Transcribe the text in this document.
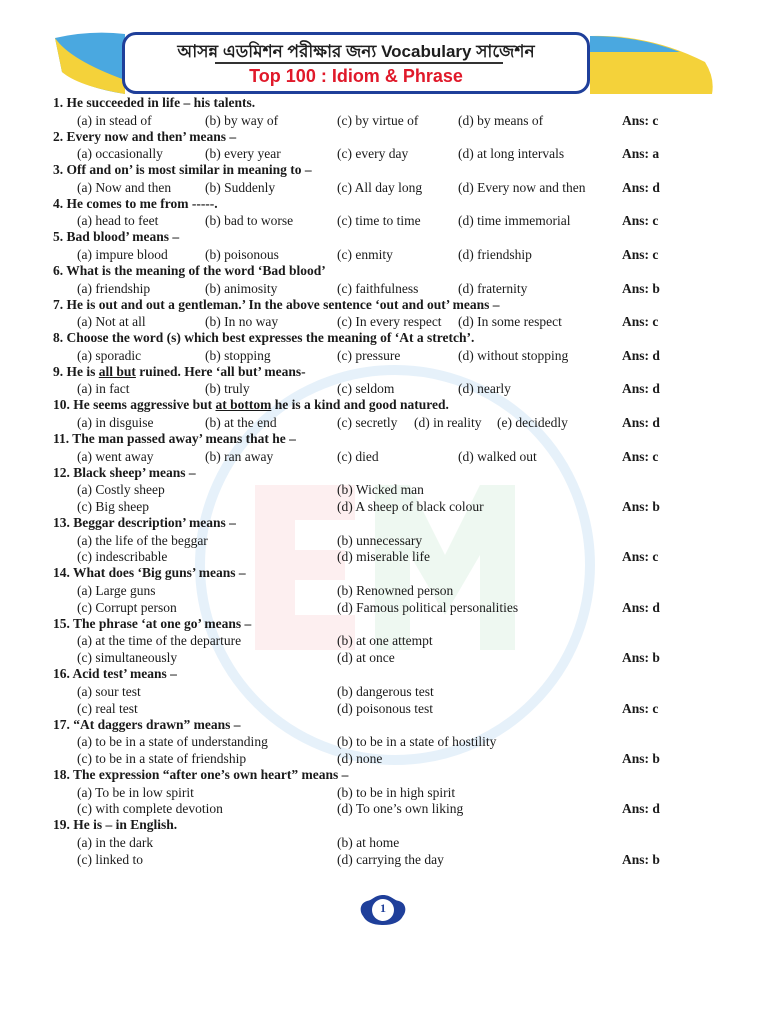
আসন্ন এডমিশন পরীক্ষার জন্য Vocabulary সাজেশন
Top 100 : Idiom & Phrase
1. He succeeded in life – his talents.
(a) in stead of	(b) by way of	(c) by virtue of	(d) by means of	Ans: c
2. Every now and then’ means –
(a) occasionally	(b) every year	(c) every day	(d) at long intervals	Ans: a
3. Off and on’ is most similar in meaning to –
(a) Now and then	(b) Suddenly	(c) All day long	(d) Every now and then	Ans: d
4. He comes to me from -----.
(a) head to feet	(b) bad to worse	(c) time to time	(d) time immemorial	Ans: c
5. Bad blood’ means –
(a) impure blood	(b) poisonous	(c) enmity	(d) friendship	Ans: c
6. What is the meaning of the word ‘Bad blood’
(a) friendship	(b) animosity	(c) faithfulness	(d) fraternity	Ans: b
7. He is out and out a gentleman.’ In the above sentence ‘out and out’ means –
(a) Not at all	(b) In no way	(c) In every respect (d) In some respect	Ans: c
8. Choose the word (s) which best expresses the meaning of ‘At a stretch’.
(a) sporadic	(b) stopping	(c) pressure	(d) without stopping	Ans: d
9. He is all but ruined. Here ‘all but’ means-
(a) in fact	(b) truly	(c) seldom	(d) nearly	Ans: d
10. He seems aggressive but at bottom he is a kind and good natured.
(a) in disguise	(b) at the end	(c) secretly (d) in reality (e) decidedly	Ans: d
11. The man passed away’ means that he –
(a) went away	(b) ran away	(c) died	(d) walked out	Ans: c
12. Black sheep’ means –
(a) Costly sheep	(b) Wicked man
(c) Big sheep	(d) A sheep of black colour	Ans: b
13. Beggar description’ means –
(a) the life of the beggar	(b) unnecessary
(c) indescribable	(d) miserable life	Ans: c
14. What does ‘Big guns’ means –
(a) Large guns	(b) Renowned person
(c) Corrupt person	(d) Famous political personalities	Ans: d
15. The phrase ‘at one go’ means –
(a) at the time of the departure	(b) at one attempt
(c) simultaneously	(d) at once	Ans: b
16. Acid test’ means –
(a) sour test	(b) dangerous test
(c) real test	(d) poisonous test	Ans: c
17. “At daggers drawn” means –
(a) to be in a state of understanding	(b) to be in a state of hostility
(c) to be in a state of friendship	(d) none	Ans: b
18. The expression “after one’s own heart” means –
(a) To be in low spirit	(b) to be in high spirit
(c) with complete devotion	(d) To one’s own liking	Ans: d
19. He is – in English.
(a) in the dark	(b) at home
(c) linked to	(d) carrying the day	Ans: b
1
